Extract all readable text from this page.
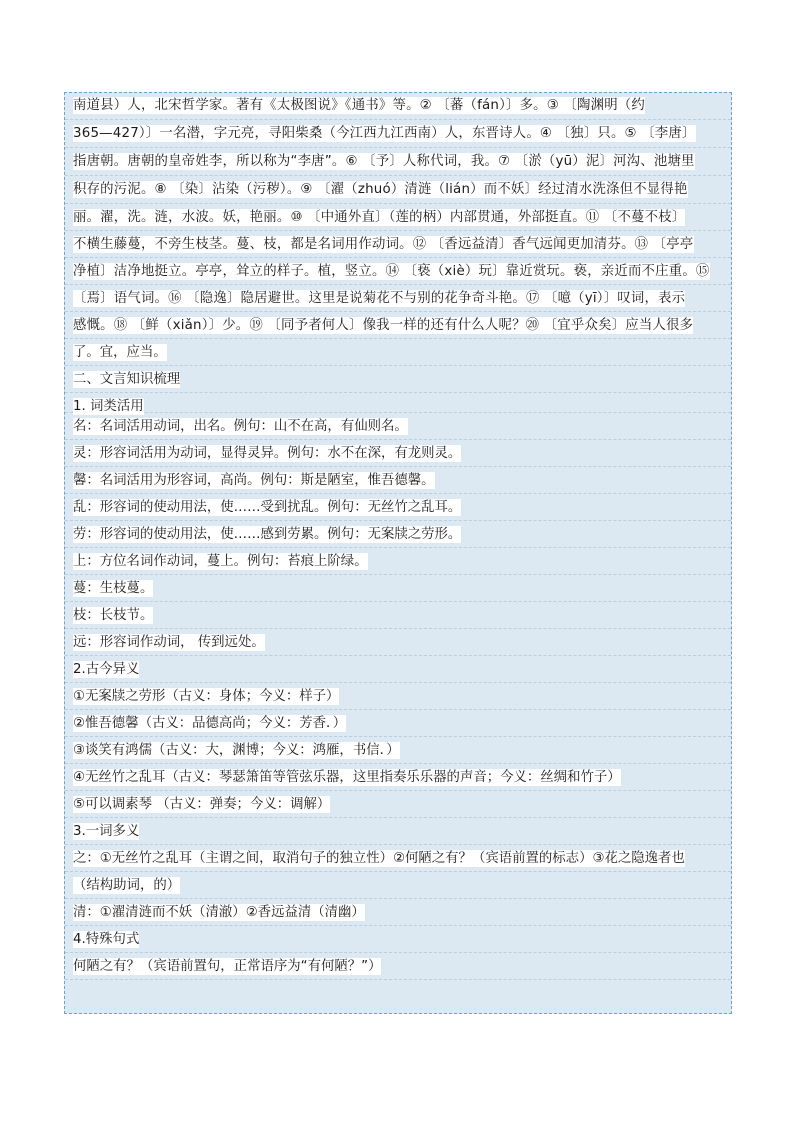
南道县）人，北宋哲学家。著有《太极图说》《通书》等。② 〔蕃（fán）〕多。③ 〔陶渊明（约
365—427）〕一名潜，字元亮，寻阳柴桑（今江西九江西南）人，东晋诗人。④ 〔独〕只。⑤ 〔李唐〕
指唐朝。唐朝的皇帝姓李，所以称为“李唐”。⑥ 〔予〕人称代词，我。⑦ 〔淤（yū）泥〕河沟、池塘里
积存的污泥。⑧ 〔染〕沾染（污秽）。⑨ 〔濯（zhuó）清涟（lián）而不妖〕经过清水洗涤但不显得艳
丽。濯，洗。涟，水波。妖，艳丽。⑩ 〔中通外直〕（莲的柄）内部贯通，外部挺直。⑪ 〔不蔓不枝〕
不横生藤蔓，不旁生枝茎。蔓、枝，都是名词用作动词。⑫ 〔香远益清〕香气远闻更加清芬。⑬ 〔亭亭
净植〕洁净地挺立。亭亭，耸立的样子。植，竖立。⑭ 〔亵（xiè）玩〕靠近赏玩。亵，亲近而不庄重。⑮
〔焉〕语气词。⑯ 〔隐逸〕隐居避世。这里是说菊花不与别的花争奇斗艳。⑰ 〔噫（yī）〕叹词，表示
感慨。⑱ 〔鲜（xiǎn）〕少。⑲ 〔同予者何人〕像我一样的还有什么人呢？⑳ 〔宜乎众矣〕应当人很多
了。宜，应当。
二、文言知识梳理
1. 词类活用
名：名词活用动词，出名。例句：山不在高，有仙则名。
灵：形容词活用为动词，显得灵异。例句：水不在深，有龙则灵。
馨：名词活用为形容词，高尚。例句：斯是陋室，惟吾德馨。
乱：形容词的使动用法，使……受到扰乱。例句：无丝竹之乱耳。
劳：形容词的使动用法，使……感到劳累。例句：无案牍之劳形。
上：方位名词作动词，蔓上。例句：苔痕上阶绿。
蔓：生枝蔓。
枝：长枝节。
远：形容词作动词， 传到远处。
2.古今异义
①无案牍之劳形（古义：身体；今义：样子）
②惟吾德馨（古义：品德高尚；今义：芳香．）
③谈笑有鸿儒（古义：大，渊博；今义：鸿雁，书信．）
④无丝竹之乱耳（古义：琴瑟箫笛等管弦乐器，这里指奏乐乐器的声音；今义：丝绸和竹子）
⑤可以调素琴 （古义：弹奏；今义：调解）
3.一词多义
之：①无丝竹之乱耳（主谓之间，取消句子的独立性）②何陋之有？（宾语前置的标志）③花之隐逸者也
（结构助词，的）
清：①濯清涟而不妖（清澈）②香远益清（清幽）
4.特殊句式
何陋之有？（宾语前置句，正常语序为“有何陋？”）
